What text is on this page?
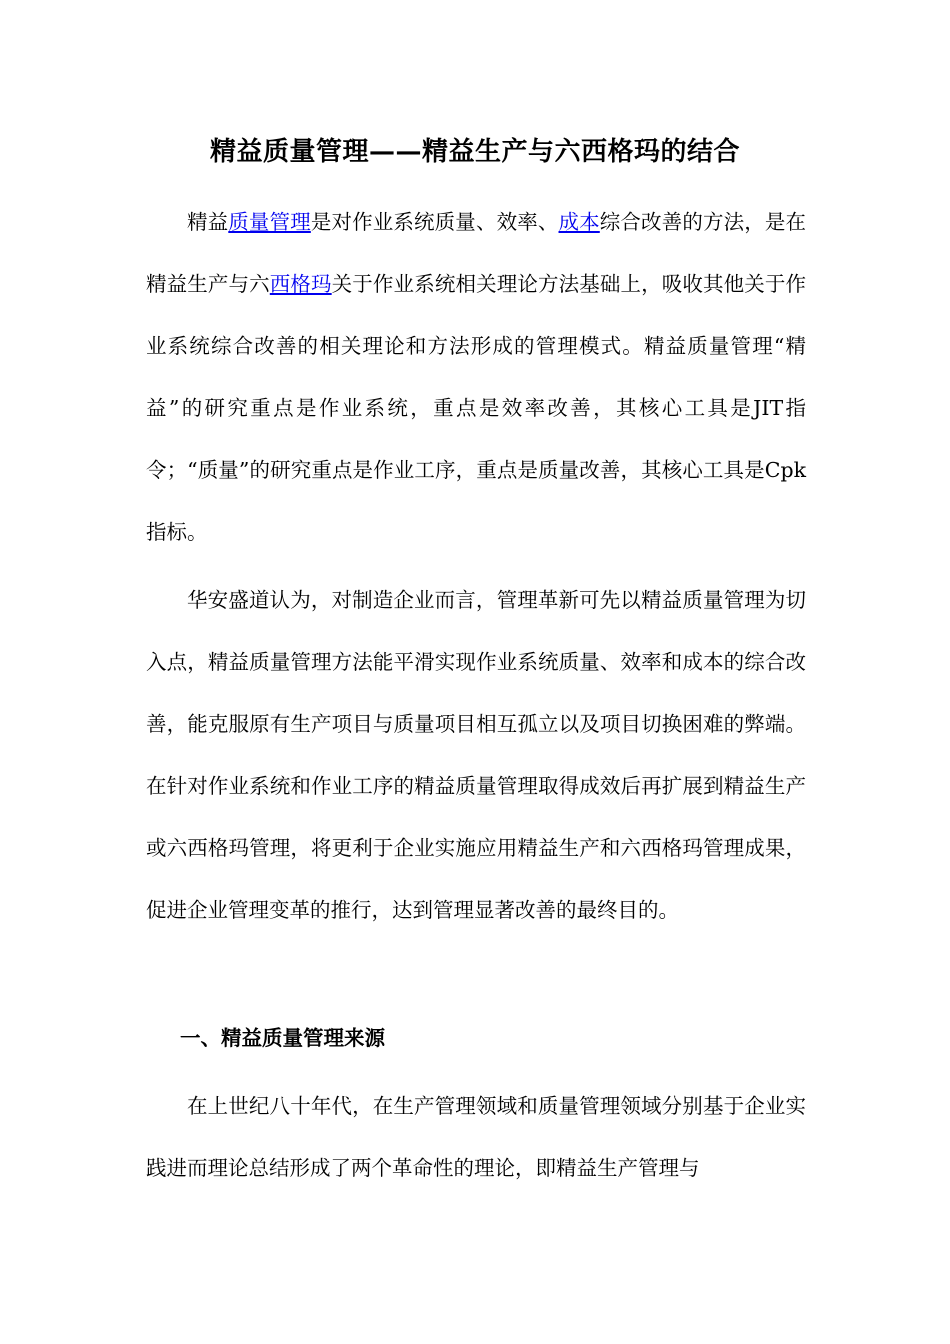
精益质量管理——精益生产与六西格玛的结合

精益质量管理是对作业系统质量、效率、成本综合改善的方法，是在精益生产与六西格玛关于作业系统相关理论方法基础上，吸收其他关于作业系统综合改善的相关理论和方法形成的管理模式。精益质量管理“精益”的研究重点是作业系统，重点是效率改善，其核心工具是JIT指令；“质量”的研究重点是作业工序，重点是质量改善，其核心工具是Cpk指标。

华安盛道认为，对制造企业而言，管理革新可先以精益质量管理为切入点，精益质量管理方法能平滑实现作业系统质量、效率和成本的综合改善，能克服原有生产项目与质量项目相互孤立以及项目切换困难的弊端。在针对作业系统和作业工序的精益质量管理取得成效后再扩展到精益生产或六西格玛管理，将更利于企业实施应用精益生产和六西格玛管理成果，促进企业管理变革的推行，达到管理显著改善的最终目的。

一、精益质量管理来源

在上世纪八十年代，在生产管理领域和质量管理领域分别基于企业实践进而理论总结形成了两个革命性的理论，即精益生产管理与
